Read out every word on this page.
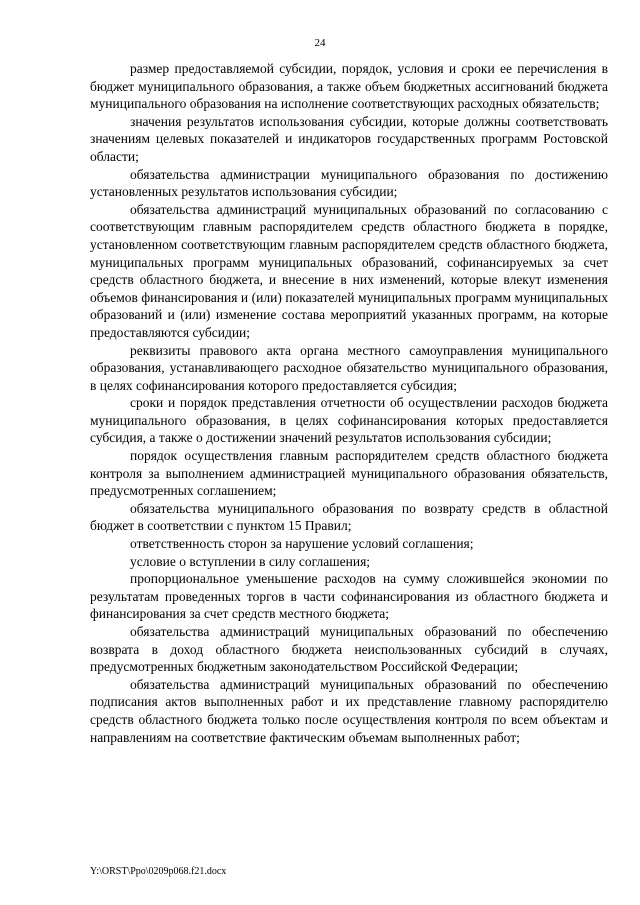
24

размер предоставляемой субсидии, порядок, условия и сроки ее перечисления в бюджет муниципального образования, а также объем бюджетных ассигнований бюджета муниципального образования на исполнение соответствующих расходных обязательств;

значения результатов использования субсидии, которые должны соответствовать значениям целевых показателей и индикаторов государственных программ Ростовской области;

обязательства администрации муниципального образования по достижению установленных результатов использования субсидии;

обязательства администраций муниципальных образований по согласованию с соответствующим главным распорядителем средств областного бюджета в порядке, установленном соответствующим главным распорядителем средств областного бюджета, муниципальных программ муниципальных образований, софинансируемых за счет средств областного бюджета, и внесение в них изменений, которые влекут изменения объемов финансирования и (или) показателей муниципальных программ муниципальных образований и (или) изменение состава мероприятий указанных программ, на которые предоставляются субсидии;

реквизиты правового акта органа местного самоуправления муниципального образования, устанавливающего расходное обязательство муниципального образования, в целях софинансирования которого предоставляется субсидия;

сроки и порядок представления отчетности об осуществлении расходов бюджета муниципального образования, в целях софинансирования которых предоставляется субсидия, а также о достижении значений результатов использования субсидии;

порядок осуществления главным распорядителем средств областного бюджета контроля за выполнением администрацией муниципального образования обязательств, предусмотренных соглашением;

обязательства муниципального образования по возврату средств в областной бюджет в соответствии с пунктом 15 Правил;

ответственность сторон за нарушение условий соглашения;

условие о вступлении в силу соглашения;

пропорциональное уменьшение расходов на сумму сложившейся экономии по результатам проведенных торгов в части софинансирования из областного бюджета и финансирования за счет средств местного бюджета;

обязательства администраций муниципальных образований по обеспечению возврата в доход областного бюджета неиспользованных субсидий в случаях, предусмотренных бюджетным законодательством Российской Федерации;

обязательства администраций муниципальных образований по обеспечению подписания актов выполненных работ и их представление главному распорядителю средств областного бюджета только после осуществления контроля по всем объектам и направлениям на соответствие фактическим объемам выполненных работ;

Y:\ORST\Ppo\0209p068.f21.docx
